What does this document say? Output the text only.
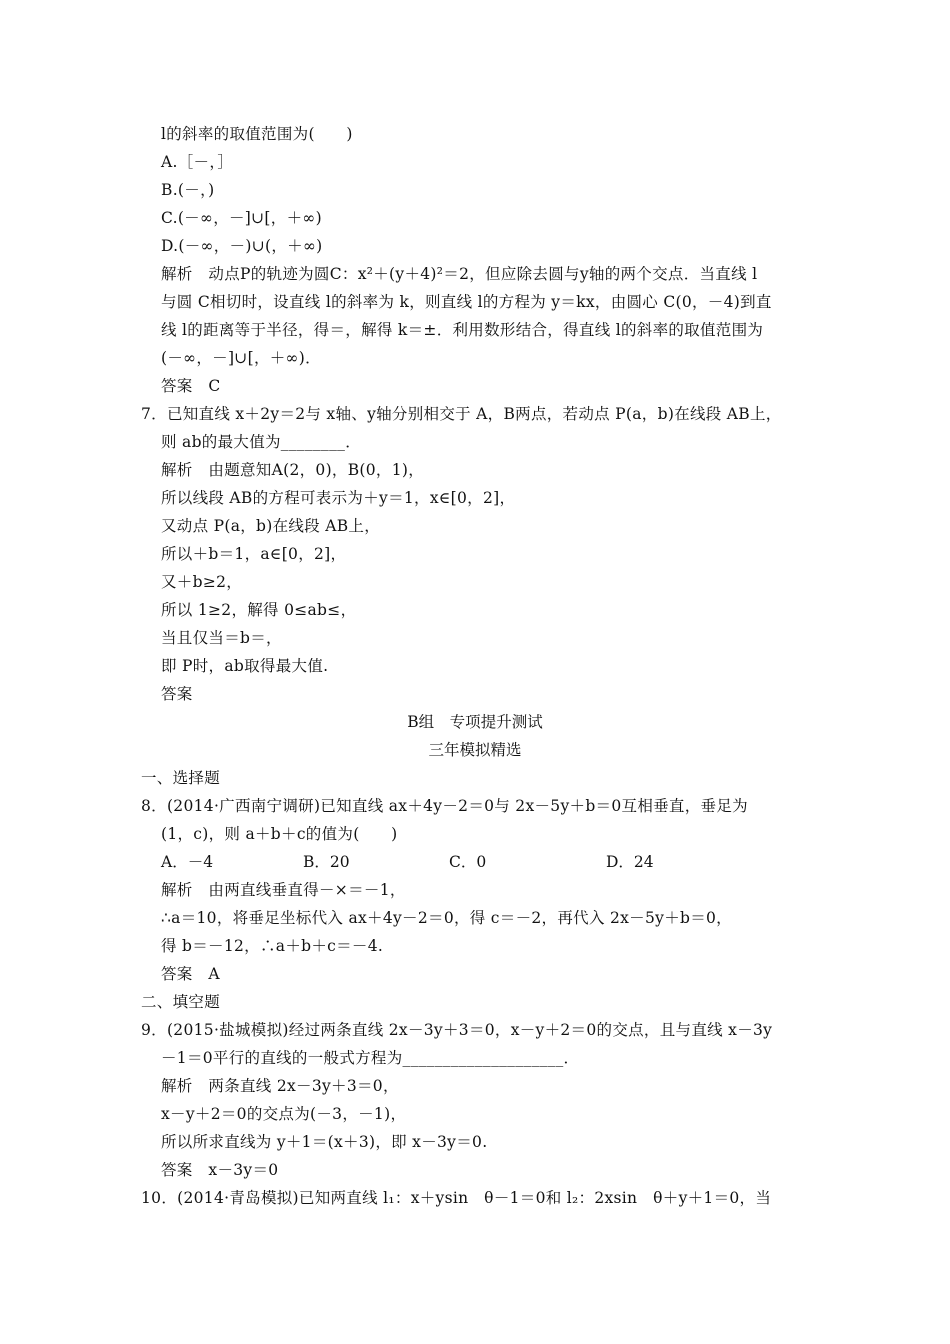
l的斜率的取值范围为(　　)
A.［－，］
B.(－，)
C.(－∞，－]∪[，＋∞)
D.(－∞，－)∪(，＋∞)
解析　动点P的轨迹为圆C：x²＋(y＋4)²＝2，但应除去圆与y轴的两个交点．当直线 l
与圆 C相切时，设直线 l的斜率为 k，则直线 l的方程为 y＝kx，由圆心 C(0，－4)到直
线 l的距离等于半径，得＝，解得 k＝±．利用数形结合，得直线 l的斜率的取值范围为
(－∞，－]∪[，＋∞)．
答案　C
7．已知直线 x＋2y＝2与 x轴、y轴分别相交于 A，B两点，若动点 P(a，b)在线段 AB上，
则 ab的最大值为________．
解析　由题意知A(2，0)，B(0，1)，
所以线段 AB的方程可表示为＋y＝1，x∈[0，2]，
又动点 P(a，b)在线段 AB上，
所以＋b＝1，a∈[0，2]，
又＋b≥2，
所以 1≥2，解得 0≤ab≤，
当且仅当＝b＝，
即 P时，ab取得最大值.
答案
B组　专项提升测试
三年模拟精选
一、选择题
8．(2014·广西南宁调研)已知直线 ax＋4y－2＝0与 2x－5y＋b＝0互相垂直，垂足为
(1，c)，则 a＋b＋c的值为(　　)
A．－4	B．20	C．0	D．24
解析　由两直线垂直得－×＝－1，
∴a＝10，将垂足坐标代入 ax＋4y－2＝0，得 c＝－2，再代入 2x－5y＋b＝0，
得 b＝－12，∴a＋b＋c＝－4.
答案　A
二、填空题
9．(2015·盐城模拟)经过两条直线 2x－3y＋3＝0，x－y＋2＝0的交点，且与直线 x－3y
－1＝0平行的直线的一般式方程为____________________．
解析　两条直线 2x－3y＋3＝0，
x－y＋2＝0的交点为(－3，－1)，
所以所求直线为 y＋1＝(x＋3)，即 x－3y＝0.
答案　x－3y＝0
10．(2014·青岛模拟)已知两直线 l₁：x＋ysin　θ－1＝0和 l₂：2xsin　θ＋y＋1＝0，当
